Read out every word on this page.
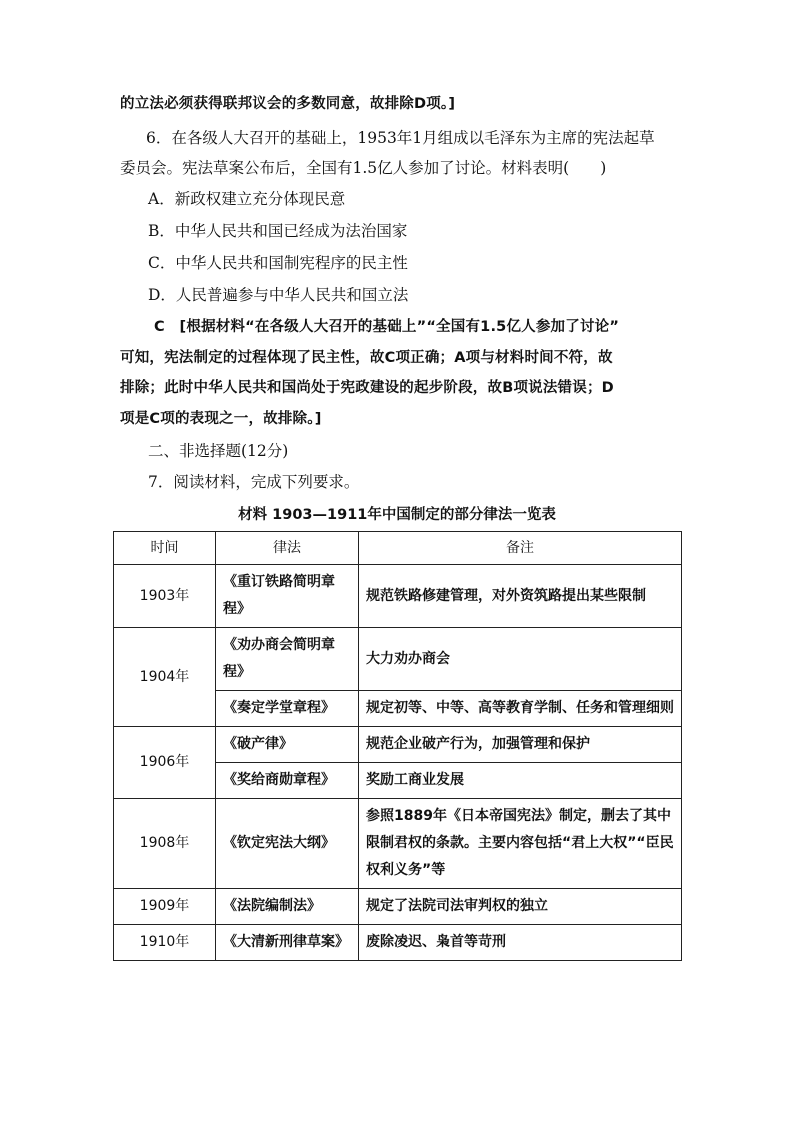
的立法必须获得联邦议会的多数同意，故排除D项。]
6．在各级人大召开的基础上，1953年1月组成以毛泽东为主席的宪法起草
委员会。宪法草案公布后，全国有1.5亿人参加了讨论。材料表明(　　)
A．新政权建立充分体现民意
B．中华人民共和国已经成为法治国家
C．中华人民共和国制宪程序的民主性
D．人民普遍参与中华人民共和国立法
C　[根据材料“在各级人大召开的基础上”“全国有1.5亿人参加了讨论”
可知，宪法制定的过程体现了民主性，故C项正确；A项与材料时间不符，故
排除；此时中华人民共和国尚处于宪政建设的起步阶段，故B项说法错误；D
项是C项的表现之一，故排除。]
二、非选择题(12分)
7．阅读材料，完成下列要求。
材料 1903—1911年中国制定的部分律法一览表
时间	律法	备注
1903年	《重订铁路简明章程》	规范铁路修建管理，对外资筑路提出某些限制
1904年	《劝办商会简明章程》	大力劝办商会
	《奏定学堂章程》	规定初等、中等、高等教育学制、任务和管理细则
1906年	《破产律》	规范企业破产行为，加强管理和保护
	《奖给商勋章程》	奖励工商业发展
1908年	《钦定宪法大纲》	参照1889年《日本帝国宪法》制定，删去了其中限制君权的条款。主要内容包括“君上大权”“臣民权利义务”等
1909年	《法院编制法》	规定了法院司法审判权的独立
1910年	《大清新刑律草案》	废除凌迟、枭首等苛刑
